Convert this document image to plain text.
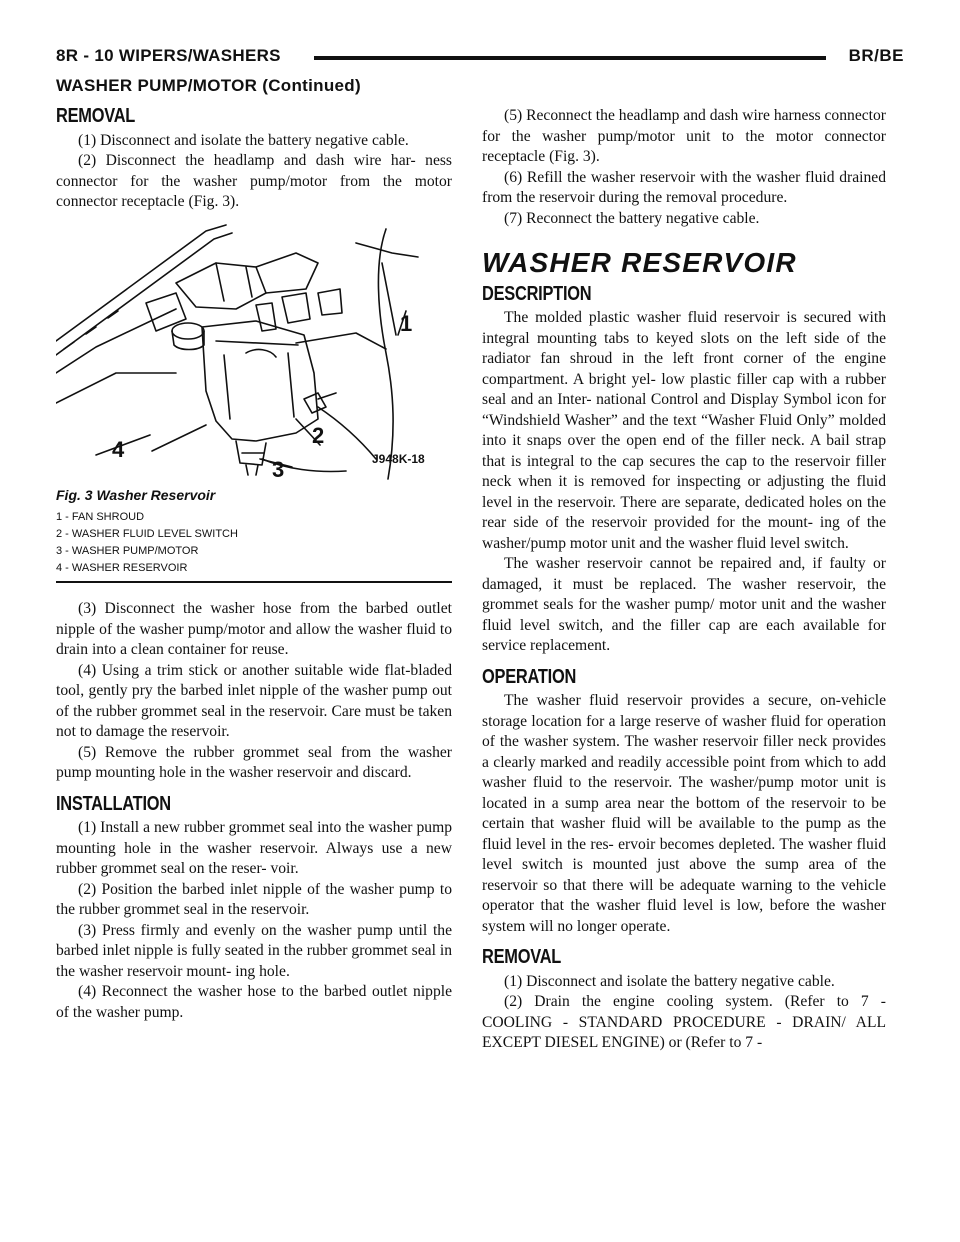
8R - 10 WIPERS/WASHERS	BR/BE
WASHER PUMP/MOTOR (Continued)
REMOVAL

(1) Disconnect and isolate the battery negative cable.

(2) Disconnect the headlamp and dash wire har- ness connector for the washer pump/motor from the motor connector receptacle (Fig. 3).

1
2
3
4	J948K-18
Fig. 3 Washer Reservoir
1 - FAN SHROUD
2 - WASHER FLUID LEVEL SWITCH
3 - WASHER PUMP/MOTOR
4 - WASHER RESERVOIR

(3) Disconnect the washer hose from the barbed outlet nipple of the washer pump/motor and allow the washer fluid to drain into a clean container for reuse.

(4) Using a trim stick or another suitable wide flat-bladed tool, gently pry the barbed inlet nipple of the washer pump out of the rubber grommet seal in the reservoir. Care must be taken not to damage the reservoir.

(5) Remove the rubber grommet seal from the washer pump mounting hole in the washer reservoir and discard.

INSTALLATION

(1) Install a new rubber grommet seal into the washer pump mounting hole in the washer reservoir. Always use a new rubber grommet seal on the reser- voir.

(2) Position the barbed inlet nipple of the washer pump to the rubber grommet seal in the reservoir.

(3) Press firmly and evenly on the washer pump until the barbed inlet nipple is fully seated in the rubber grommet seal in the washer reservoir mount- ing hole.

(4) Reconnect the washer hose to the barbed outlet nipple of the washer pump.

(5) Reconnect the headlamp and dash wire harness connector for the washer pump/motor unit to the motor connector receptacle (Fig. 3).

(6) Refill the washer reservoir with the washer fluid drained from the reservoir during the removal procedure.

(7) Reconnect the battery negative cable.

WASHER RESERVOIR
DESCRIPTION

The molded plastic washer fluid reservoir is secured with integral mounting tabs to keyed slots on the left side of the radiator fan shroud in the left front corner of the engine compartment. A bright yel- low plastic filler cap with a rubber seal and an Inter- national Control and Display Symbol icon for “Windshield Washer” and the text “Washer Fluid Only” molded into it snaps over the open end of the filler neck. A bail strap that is integral to the cap secures the cap to the reservoir filler neck when it is removed for inspecting or adjusting the fluid level in the reservoir. There are separate, dedicated holes on the rear side of the reservoir provided for the mount- ing of the washer/pump motor unit and the washer fluid level switch.

The washer reservoir cannot be repaired and, if faulty or damaged, it must be replaced. The washer reservoir, the grommet seals for the washer pump/ motor unit and the washer fluid level switch, and the filler cap are each available for service replacement.

OPERATION

The washer fluid reservoir provides a secure, on-vehicle storage location for a large reserve of washer fluid for operation of the washer system. The washer reservoir filler neck provides a clearly marked and readily accessible point from which to add washer fluid to the reservoir. The washer/pump motor unit is located in a sump area near the bottom of the reservoir to be certain that washer fluid will be available to the pump as the fluid level in the res- ervoir becomes depleted. The washer fluid level switch is mounted just above the sump area of the reservoir so that there will be adequate warning to the vehicle operator that the washer fluid level is low, before the washer system will no longer operate.

REMOVAL

(1) Disconnect and isolate the battery negative cable.

(2) Drain the engine cooling system. (Refer to 7 - COOLING - STANDARD PROCEDURE - DRAIN/ ALL EXCEPT DIESEL ENGINE) or (Refer to 7 -
